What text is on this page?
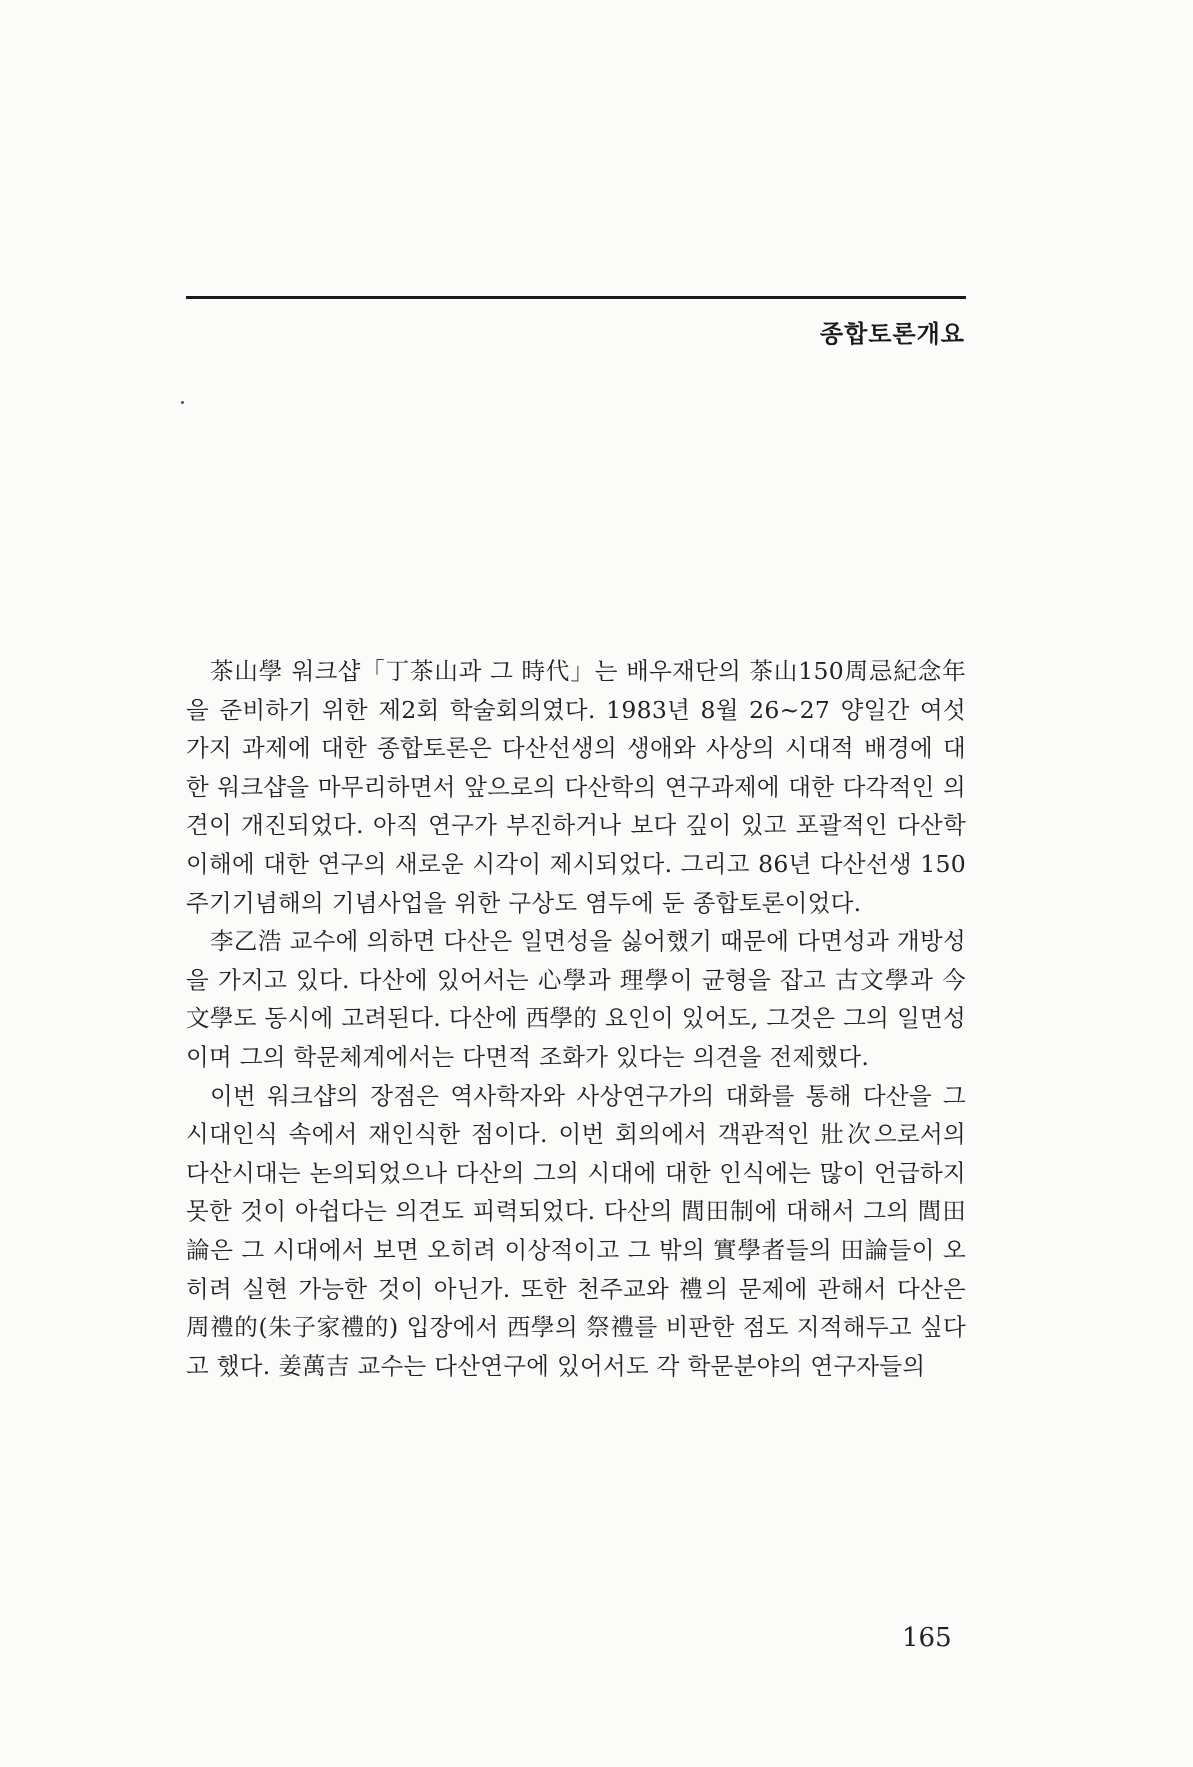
종합토론개요

茶山學 워크샵「丁茶山과 그 時代」는 배우재단의 茶山150周忌紀念年을 준비하기 위한 제2회 학술회의였다. 1983년 8월 26~27 양일간 여섯 가지 과제에 대한 종합토론은 다산선생의 생애와 사상의 시대적 배경에 대한 워크샵을 마무리하면서 앞으로의 다산학의 연구과제에 대한 다각적인 의견이 개진되었다. 아직 연구가 부진하거나 보다 깊이 있고 포괄적인 다산학 이해에 대한 연구의 새로운 시각이 제시되었다. 그리고 86년 다산선생 150주기기념해의 기념사업을 위한 구상도 염두에 둔 종합토론이었다.

李乙浩 교수에 의하면 다산은 일면성을 싫어했기 때문에 다면성과 개방성을 가지고 있다. 다산에 있어서는 心學과 理學이 균형을 잡고 古文學과 今文學도 동시에 고려된다. 다산에 西學的 요인이 있어도, 그것은 그의 일면성이며 그의 학문체계에서는 다면적 조화가 있다는 의견을 전제했다.

이번 워크샵의 장점은 역사학자와 사상연구가의 대화를 통해 다산을 그 시대인식 속에서 재인식한 점이다. 이번 회의에서 객관적인 壯次으로서의 다산시대는 논의되었으나 다산의 그의 시대에 대한 인식에는 많이 언급하지 못한 것이 아쉽다는 의견도 피력되었다. 다산의 閭田制에 대해서 그의 閭田論은 그 시대에서 보면 오히려 이상적이고 그 밖의 實學者들의 田論들이 오히려 실현 가능한 것이 아닌가. 또한 천주교와 禮의 문제에 관해서 다산은 周禮的(朱子家禮的) 입장에서 西學의 祭禮를 비판한 점도 지적해두고 싶다고 했다. 姜萬吉 교수는 다산연구에 있어서도 각 학문분야의 연구자들의

165
